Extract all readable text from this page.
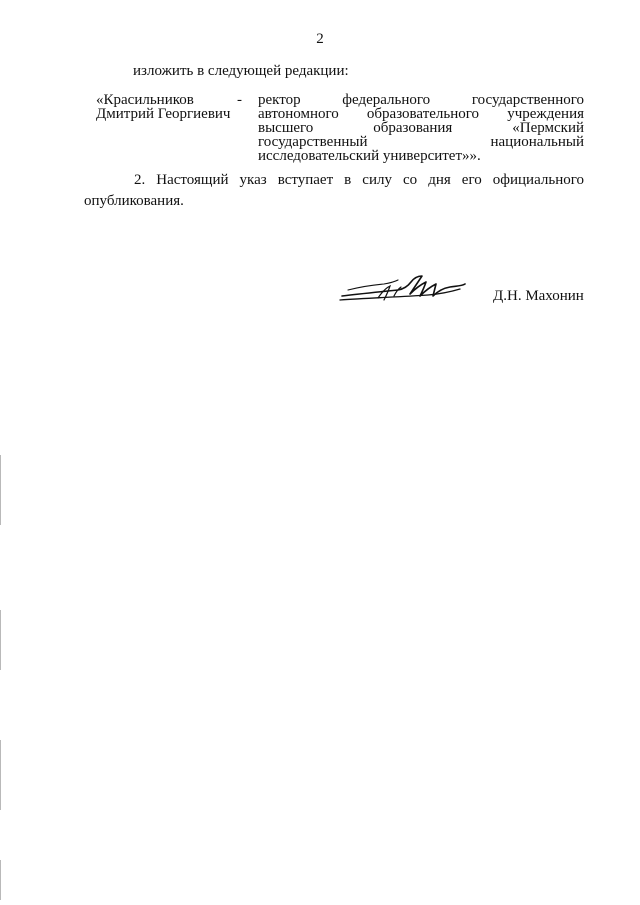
2
изложить в следующей редакции:
«Красильников
Дмитрий Георгиевич
- ректор федерального государственного
автономного образовательного учреждения
высшего образования «Пермский
государственный национальный
исследовательский университет»».
2. Настоящий указ вступает в силу со дня его официального опубликования.
Д.Н. Махонин
